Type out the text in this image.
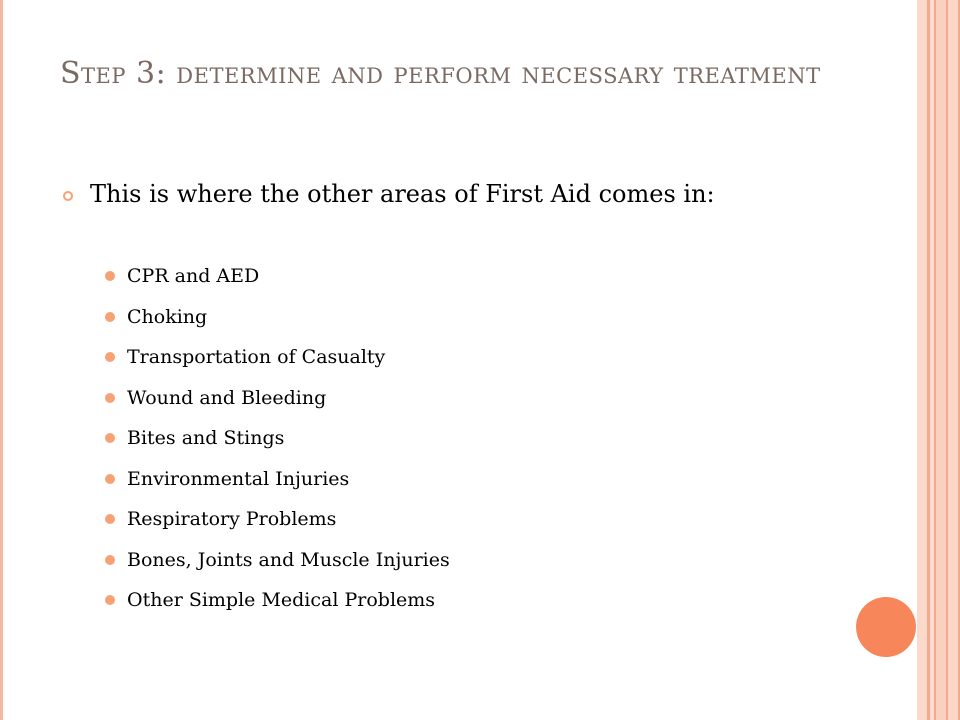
Step 3: determine and perform necessary treatment
This is where the other areas of First Aid comes in:
CPR and AED
Choking
Transportation of Casualty
Wound and Bleeding
Bites and Stings
Environmental Injuries
Respiratory Problems
Bones, Joints and Muscle Injuries
Other Simple Medical Problems
